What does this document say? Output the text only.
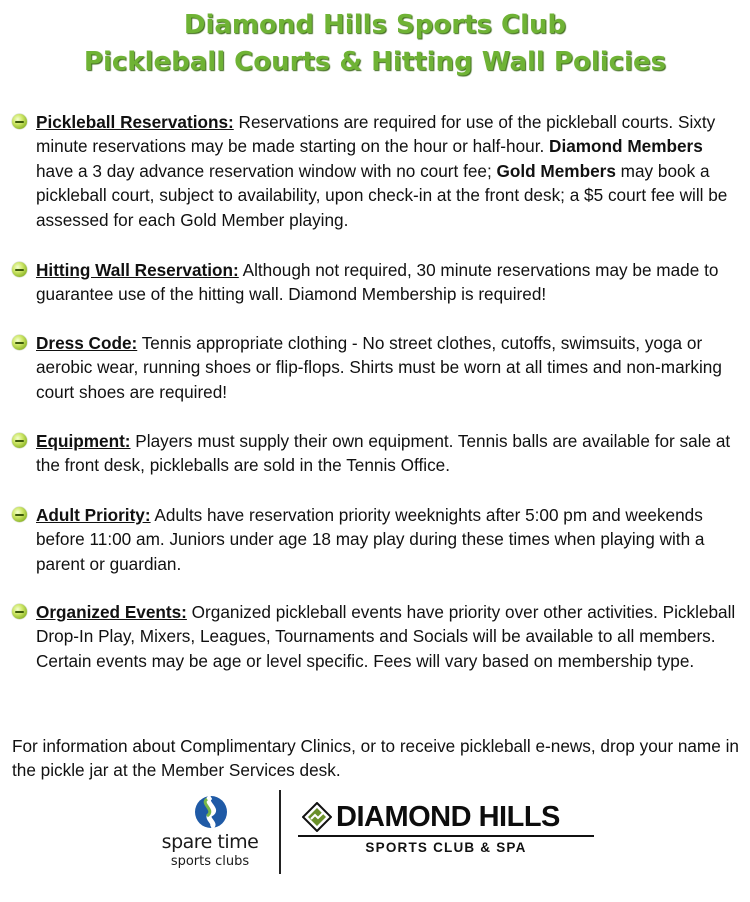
Diamond Hills Sports Club
Pickleball Courts & Hitting Wall Policies
Pickleball Reservations: Reservations are required for use of the pickleball courts. Sixty minute reservations may be made starting on the hour or half-hour. Diamond Members have a 3 day advance reservation window with no court fee; Gold Members may book a pickleball court, subject to availability, upon check-in at the front desk; a $5 court fee will be assessed for each Gold Member playing.
Hitting Wall Reservation: Although not required, 30 minute reservations may be made to guarantee use of the hitting wall. Diamond Membership is required!
Dress Code: Tennis appropriate clothing - No street clothes, cutoffs, swimsuits, yoga or aerobic wear, running shoes or flip-flops. Shirts must be worn at all times and non-marking court shoes are required!
Equipment: Players must supply their own equipment. Tennis balls are available for sale at the front desk, pickleballs are sold in the Tennis Office.
Adult Priority: Adults have reservation priority weeknights after 5:00 pm and weekends before 11:00 am. Juniors under age 18 may play during these times when playing with a parent or guardian.
Organized Events: Organized pickleball events have priority over other activities. Pickleball Drop-In Play, Mixers, Leagues, Tournaments and Socials will be available to all members. Certain events may be age or level specific. Fees will vary based on membership type.
For information about Complimentary Clinics, or to receive pickleball e-news, drop your name in the pickle jar at the Member Services desk.
spare time
sports clubs
DIAMOND HILLS
SPORTS CLUB & SPA
